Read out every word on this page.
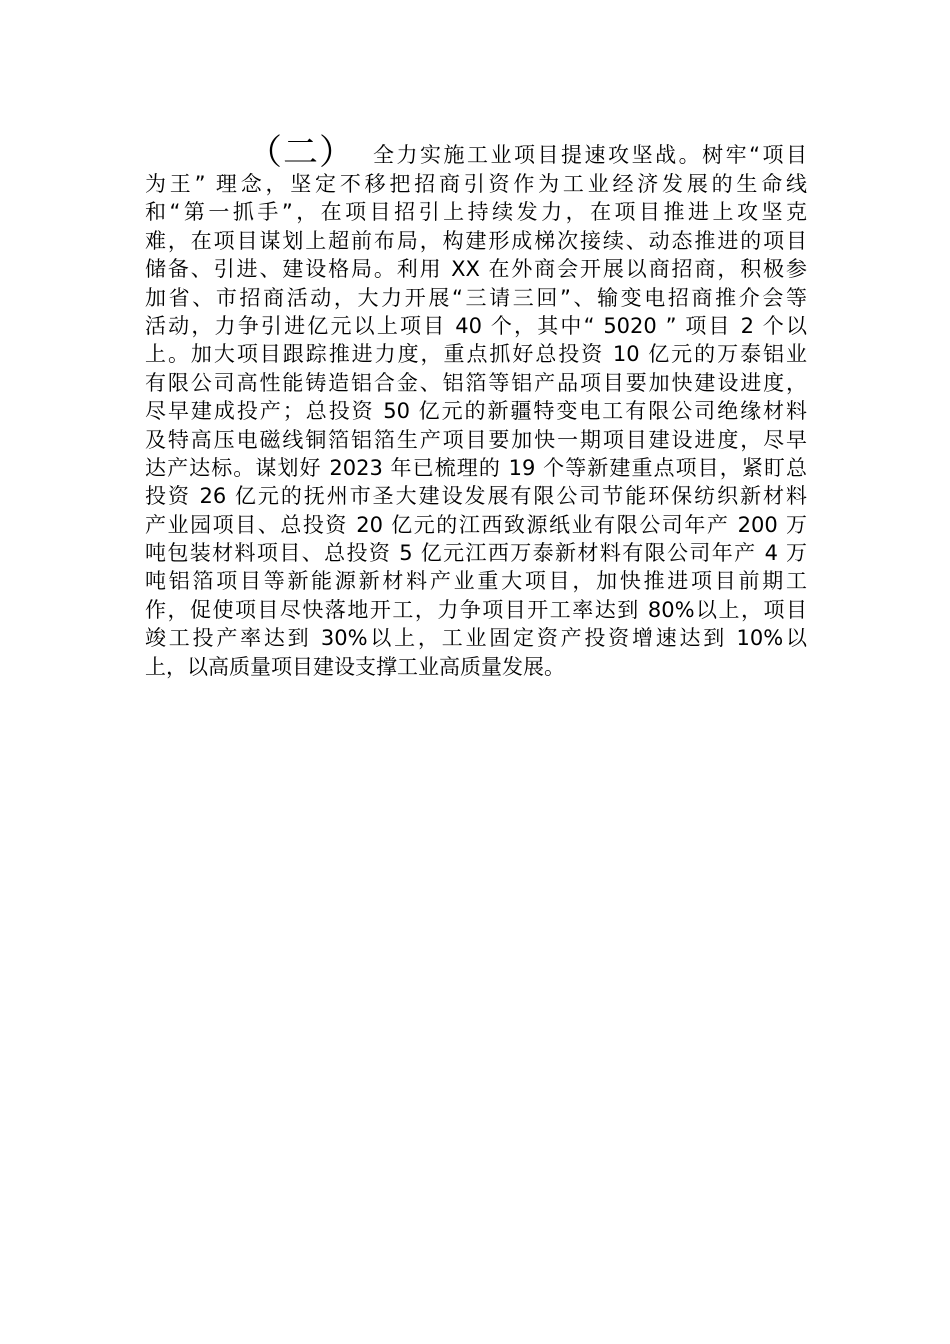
（二） 全力实施工业项目提速攻坚战。树牢“项目
为王” 理念，坚定不移把招商引资作为工业经济发展的生命线
和“第一抓手”，在项目招引上持续发力，在项目推进上攻坚克
难，在项目谋划上超前布局，构建形成梯次接续、动态推进的项目
储备、引进、建设格局。利用 XX 在外商会开展以商招商，积极参
加省、市招商活动，大力开展“三请三回”、输变电招商推介会等
活动，力争引进亿元以上项目 40 个，其中“ 5020 ” 项目 2 个以
上。加大项目跟踪推进力度，重点抓好总投资 10 亿元的万泰铝业
有限公司高性能铸造铝合金、铝箔等铝产品项目要加快建设进度，
尽早建成投产；总投资 50 亿元的新疆特变电工有限公司绝缘材料
及特高压电磁线铜箔铝箔生产项目要加快一期项目建设进度，尽早
达产达标。谋划好 2023 年已梳理的 19 个等新建重点项目，紧盯总
投资 26 亿元的抚州市圣大建设发展有限公司节能环保纺织新材料
产业园项目、总投资 20 亿元的江西致源纸业有限公司年产 200 万
吨包装材料项目、总投资 5 亿元江西万泰新材料有限公司年产 4 万
吨铝箔项目等新能源新材料产业重大项目，加快推进项目前期工
作，促使项目尽快落地开工，力争项目开工率达到 80%以上，项目
竣工投产率达到 30%以上，工业固定资产投资增速达到 10%以
上，以高质量项目建设支撑工业高质量发展。
